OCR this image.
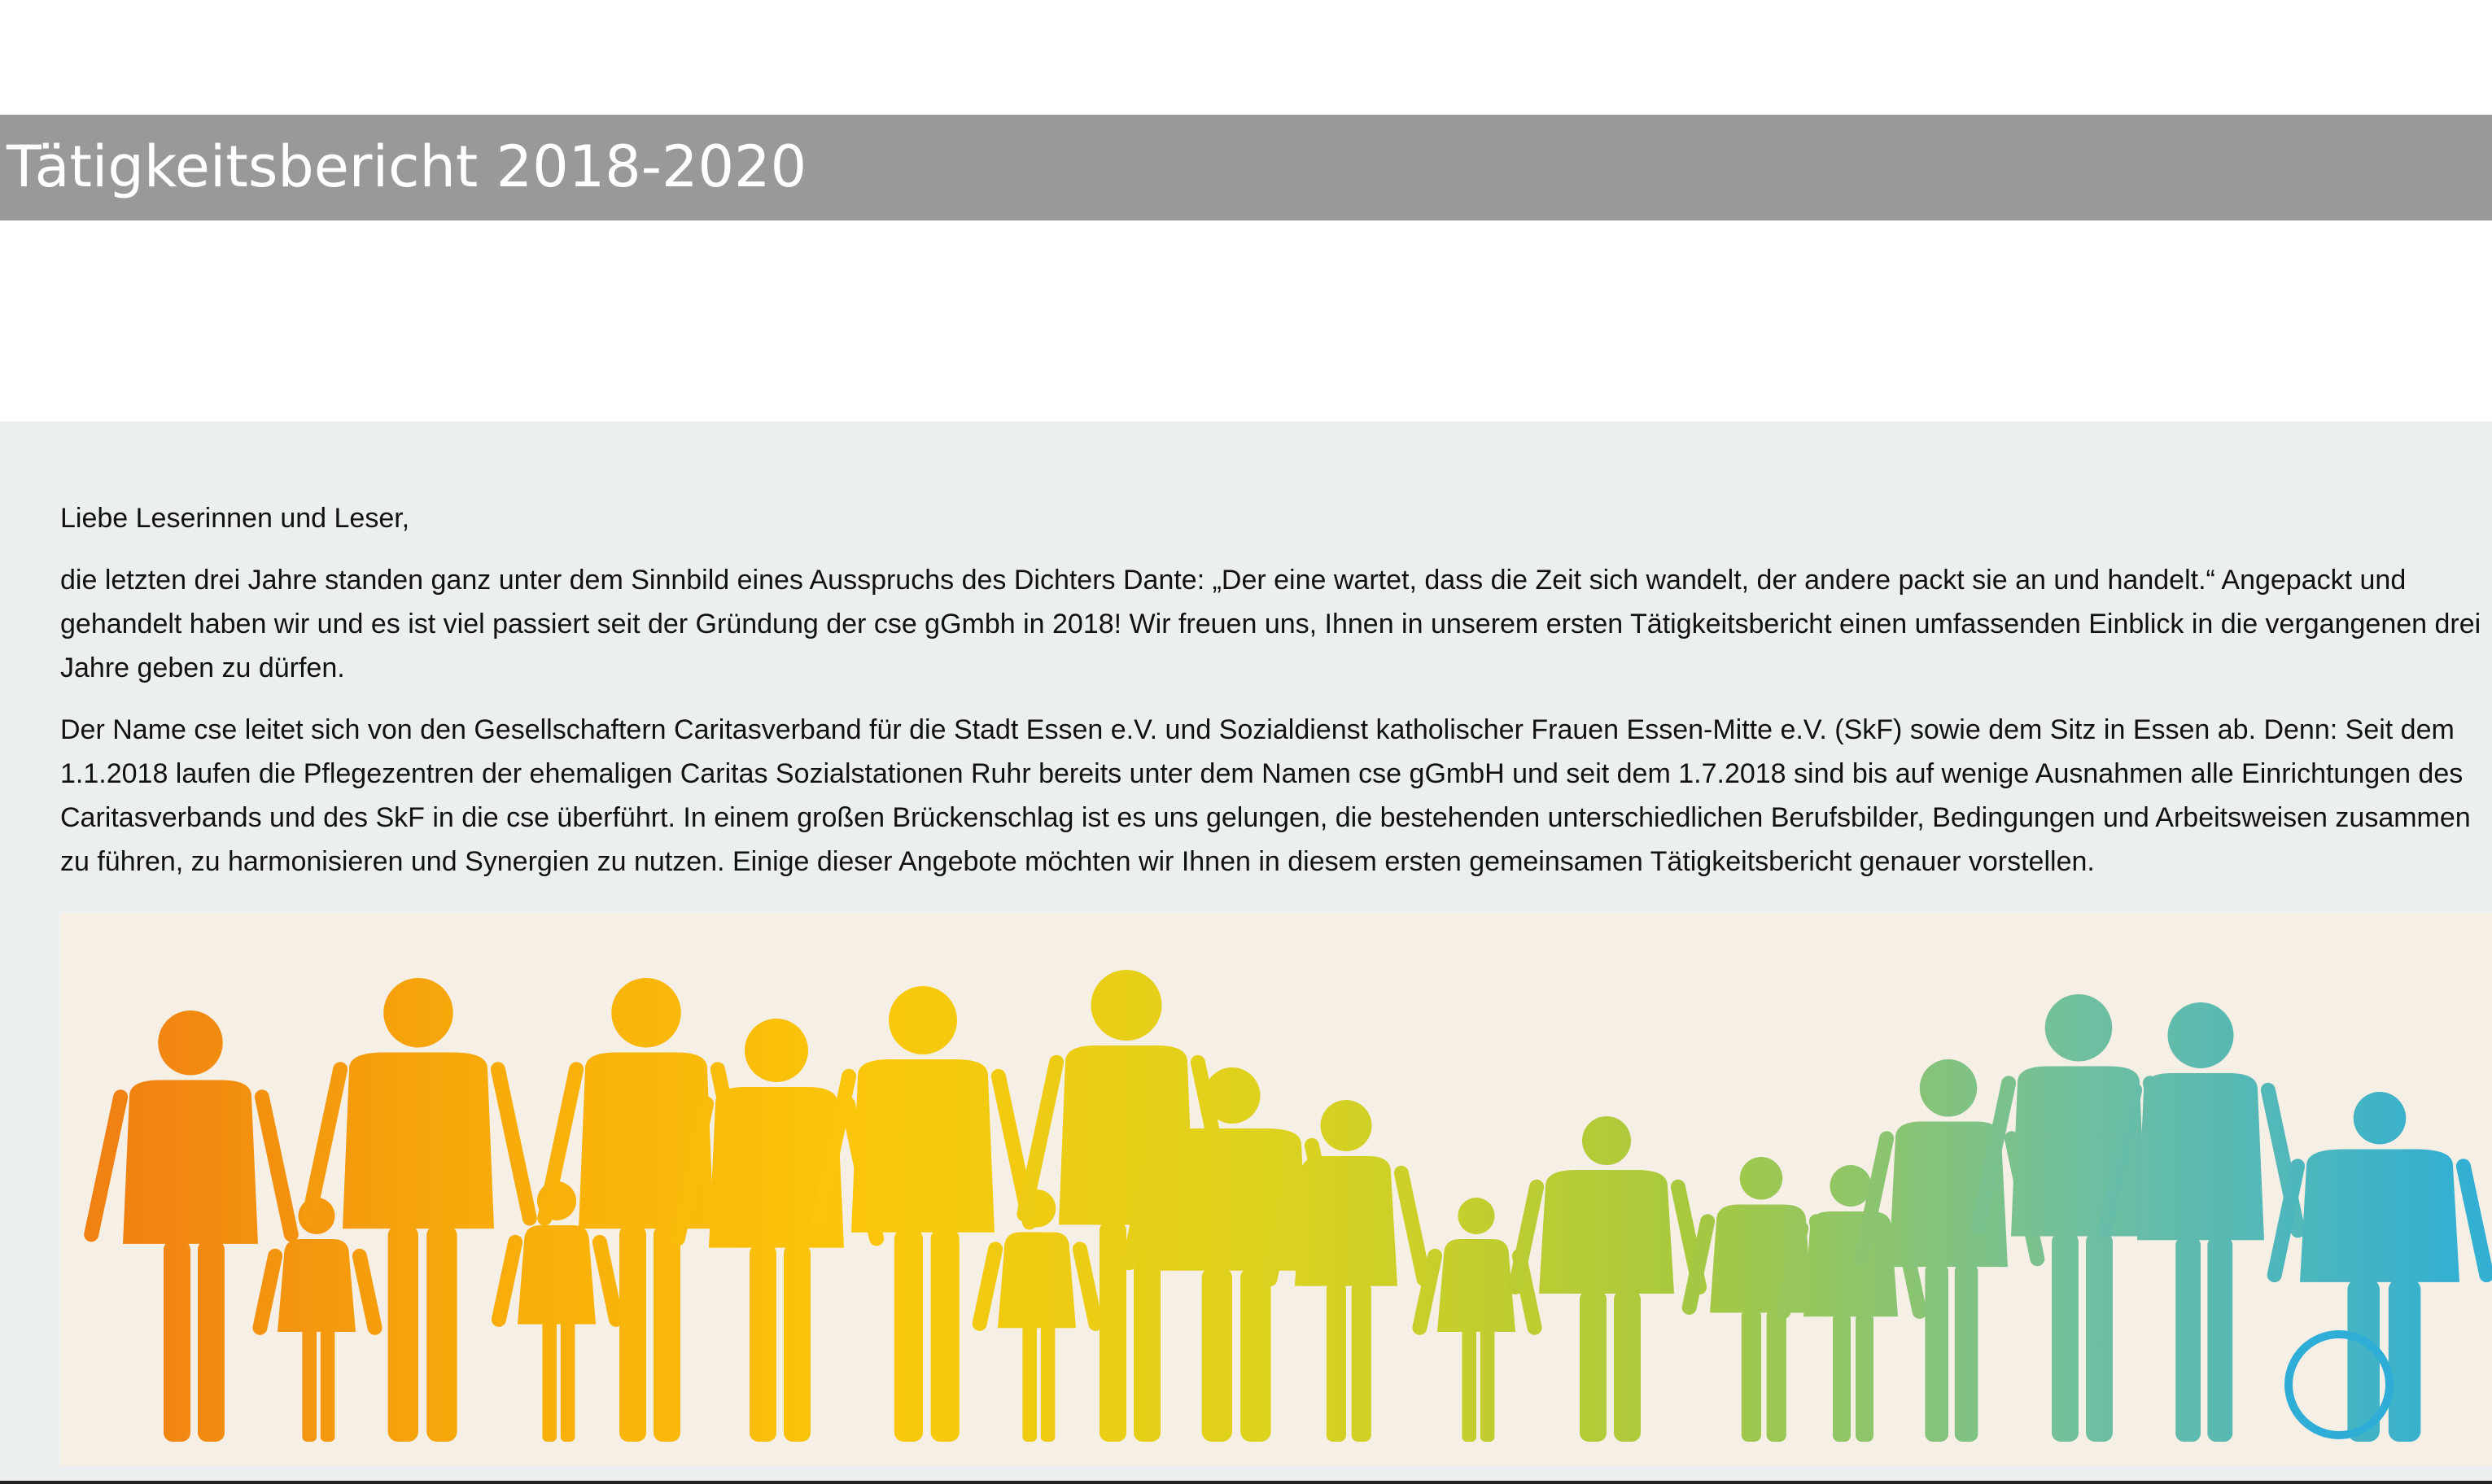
Tätigkeitsbericht 2018-2020

Liebe Leserinnen und Leser,

die letzten drei Jahre standen ganz unter dem Sinnbild eines Ausspruchs des Dichters Dante: „Der eine wartet, dass die Zeit sich wandelt, der andere packt sie an und handelt.“ Angepackt und gehandelt haben wir und es ist viel passiert seit der Gründung der cse gGmbh in 2018! Wir freuen uns, Ihnen in unserem ersten Tätigkeitsbericht einen umfassenden Einblick in die vergangenen drei Jahre geben zu dürfen.

Der Name cse leitet sich von den Gesellschaftern Caritasverband für die Stadt Essen e.V. und Sozialdienst katholischer Frauen Essen-Mitte e.V. (SkF) sowie dem Sitz in Essen ab. Denn: Seit dem 1.1.2018 laufen die Pflegezentren der ehemaligen Caritas Sozialstationen Ruhr bereits unter dem Namen cse gGmbH und seit dem 1.7.2018 sind bis auf wenige Ausnahmen alle Einrichtungen des Caritasverbands und des SkF in die cse überführt. In einem großen Brückenschlag ist es uns gelungen, die bestehenden unterschiedlichen Berufsbilder, Bedingungen und Arbeitsweisen zusammen zu führen, zu harmonisieren und Synergien zu nutzen. Einige dieser Angebote möchten wir Ihnen in diesem ersten gemeinsamen Tätigkeitsbericht genauer vorstellen.
